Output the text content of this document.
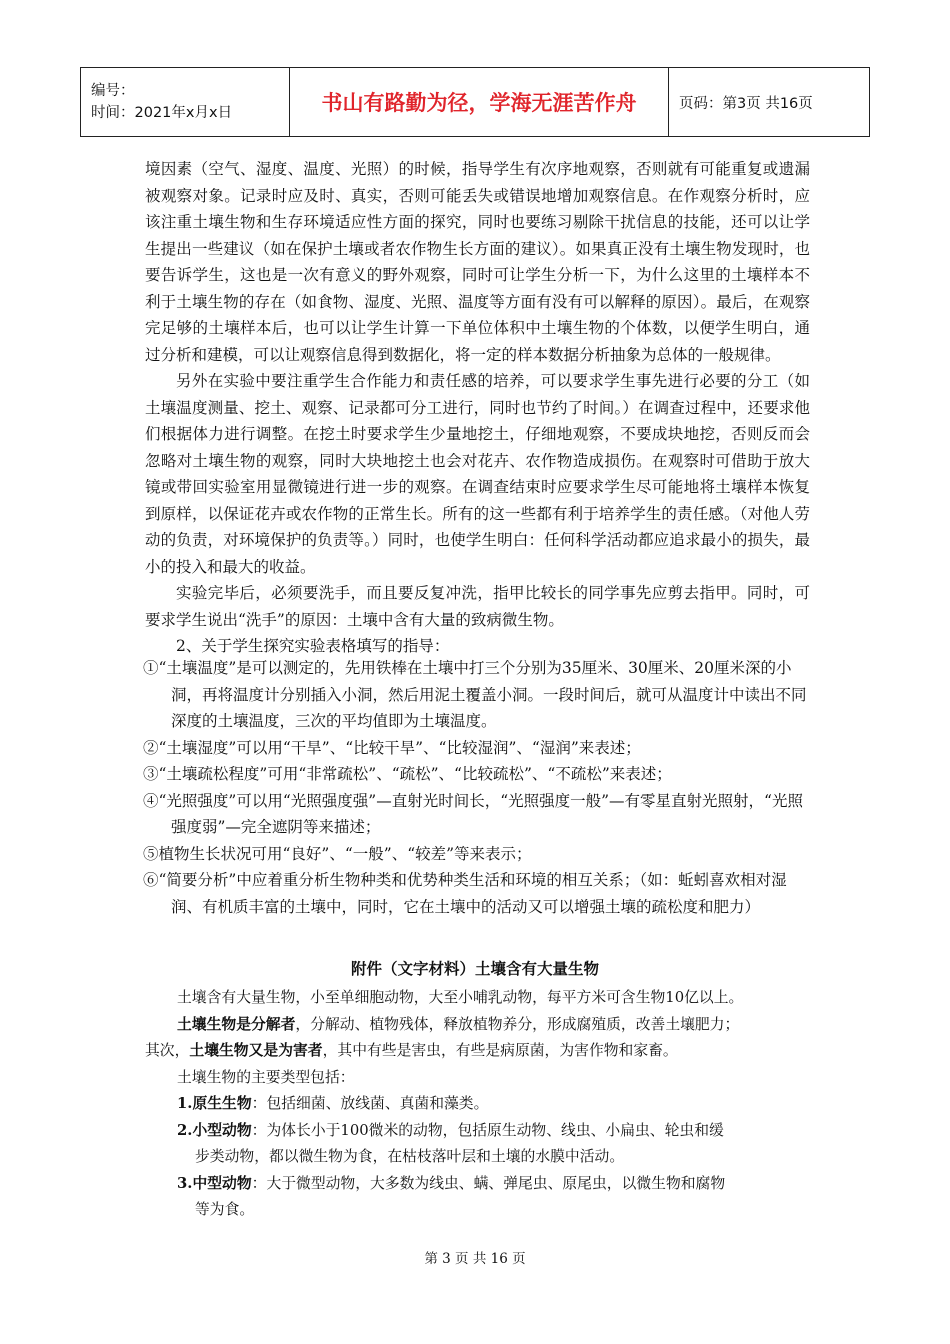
编号：
时间：2021年x月x日	书山有路勤为径，学海无涯苦作舟	页码：第3页 共16页

境因素（空气、湿度、温度、光照）的时候，指导学生有次序地观察，否则就有可能重复或遗漏被观察对象。记录时应及时、真实，否则可能丢失或错误地增加观察信息。在作观察分析时，应该注重土壤生物和生存环境适应性方面的探究，同时也要练习剔除干扰信息的技能，还可以让学生提出一些建议（如在保护土壤或者农作物生长方面的建议）。如果真正没有土壤生物发现时，也要告诉学生，这也是一次有意义的野外观察，同时可让学生分析一下，为什么这里的土壤样本不利于土壤生物的存在（如食物、湿度、光照、温度等方面有没有可以解释的原因）。最后，在观察完足够的土壤样本后，也可以让学生计算一下单位体积中土壤生物的个体数，以便学生明白，通过分析和建模，可以让观察信息得到数据化，将一定的样本数据分析抽象为总体的一般规律。

另外在实验中要注重学生合作能力和责任感的培养，可以要求学生事先进行必要的分工（如土壤温度测量、挖土、观察、记录都可分工进行，同时也节约了时间。）在调查过程中，还要求他们根据体力进行调整。在挖土时要求学生少量地挖土，仔细地观察，不要成块地挖，否则反而会忽略对土壤生物的观察，同时大块地挖土也会对花卉、农作物造成损伤。在观察时可借助于放大镜或带回实验室用显微镜进行进一步的观察。在调查结束时应要求学生尽可能地将土壤样本恢复到原样，以保证花卉或农作物的正常生长。所有的这一些都有利于培养学生的责任感。（对他人劳动的负责，对环境保护的负责等。）同时，也使学生明白：任何科学活动都应追求最小的损失，最小的投入和最大的收益。

实验完毕后，必须要洗手，而且要反复冲洗，指甲比较长的同学事先应剪去指甲。同时，可要求学生说出“洗手”的原因：土壤中含有大量的致病微生物。

2、关于学生探究实验表格填写的指导：

①“土壤温度”是可以测定的，先用铁棒在土壤中打三个分别为35厘米、30厘米、20厘米深的小洞，再将温度计分别插入小洞，然后用泥土覆盖小洞。一段时间后，就可从温度计中读出不同深度的土壤温度，三次的平均值即为土壤温度。

②“土壤湿度”可以用“干旱”、“比较干旱”、“比较湿润”、“湿润”来表述；

③“土壤疏松程度”可用“非常疏松”、“疏松”、“比较疏松”、“不疏松”来表述；

④“光照强度”可以用“光照强度强”—直射光时间长，“光照强度一般”—有零星直射光照射，“光照强度弱”—完全遮阴等来描述；

⑤植物生长状况可用“良好”、“一般”、“较差”等来表示；

⑥“简要分析”中应着重分析生物种类和优势种类生活和环境的相互关系；（如：蚯蚓喜欢相对湿润、有机质丰富的土壤中，同时，它在土壤中的活动又可以增强土壤的疏松度和肥力）

附件（文字材料）土壤含有大量生物

土壤含有大量生物，小至单细胞动物，大至小哺乳动物，每平方米可含生物10亿以上。

土壤生物是分解者，分解动、植物残体，释放植物养分，形成腐殖质，改善土壤肥力；

其次，土壤生物又是为害者，其中有些是害虫，有些是病原菌，为害作物和家畜。

土壤生物的主要类型包括：

1.原生生物：包括细菌、放线菌、真菌和藻类。

2.小型动物：为体长小于100微米的动物，包括原生动物、线虫、小扁虫、轮虫和缓

步类动物，都以微生物为食，在枯枝落叶层和土壤的水膜中活动。

3.中型动物：大于微型动物，大多数为线虫、螨、弹尾虫、原尾虫，以微生物和腐物

等为食。

第 3 页 共 16 页
